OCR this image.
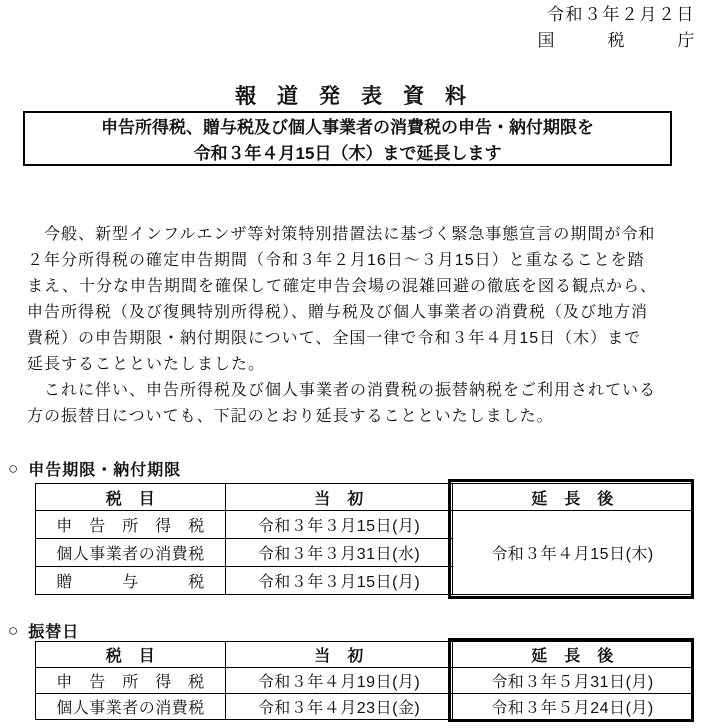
令和３年２月２日
国　　　税　　　庁
報　道　発　表　資　料
申告所得税、贈与税及び個人事業者の消費税の申告・納付期限を
令和３年４月15日（木）まで延長します
　今般、新型インフルエンザ等対策特別措置法に基づく緊急事態宣言の期間が令和
２年分所得税の確定申告期間（令和３年２月16日～３月15日）と重なることを踏
まえ、十分な申告期間を確保して確定申告会場の混雑回避の徹底を図る観点から、
申告所得税（及び復興特別所得税）、贈与税及び個人事業者の消費税（及び地方消
費税）の申告期限・納付期限について、全国一律で令和３年４月15日（木）まで
延長することといたしました。
　これに伴い、申告所得税及び個人事業者の消費税の振替納税をご利用されている
方の振替日についても、下記のとおり延長することといたしました。
○ 申告期限・納付期限
税　目	当　初	延　長　後
申　告　所　得　税	令和３年３月15日(月)	令和３年４月15日(木)
個人事業者の消費税	令和３年３月31日(水)	
贈　　　与　　　税	令和３年３月15日(月)	
○ 振替日
税　目	当　初	延　長　後
申　告　所　得　税	令和３年４月19日(月)	令和３年５月31日(月)
個人事業者の消費税	令和３年４月23日(金)	令和３年５月24日(月)
